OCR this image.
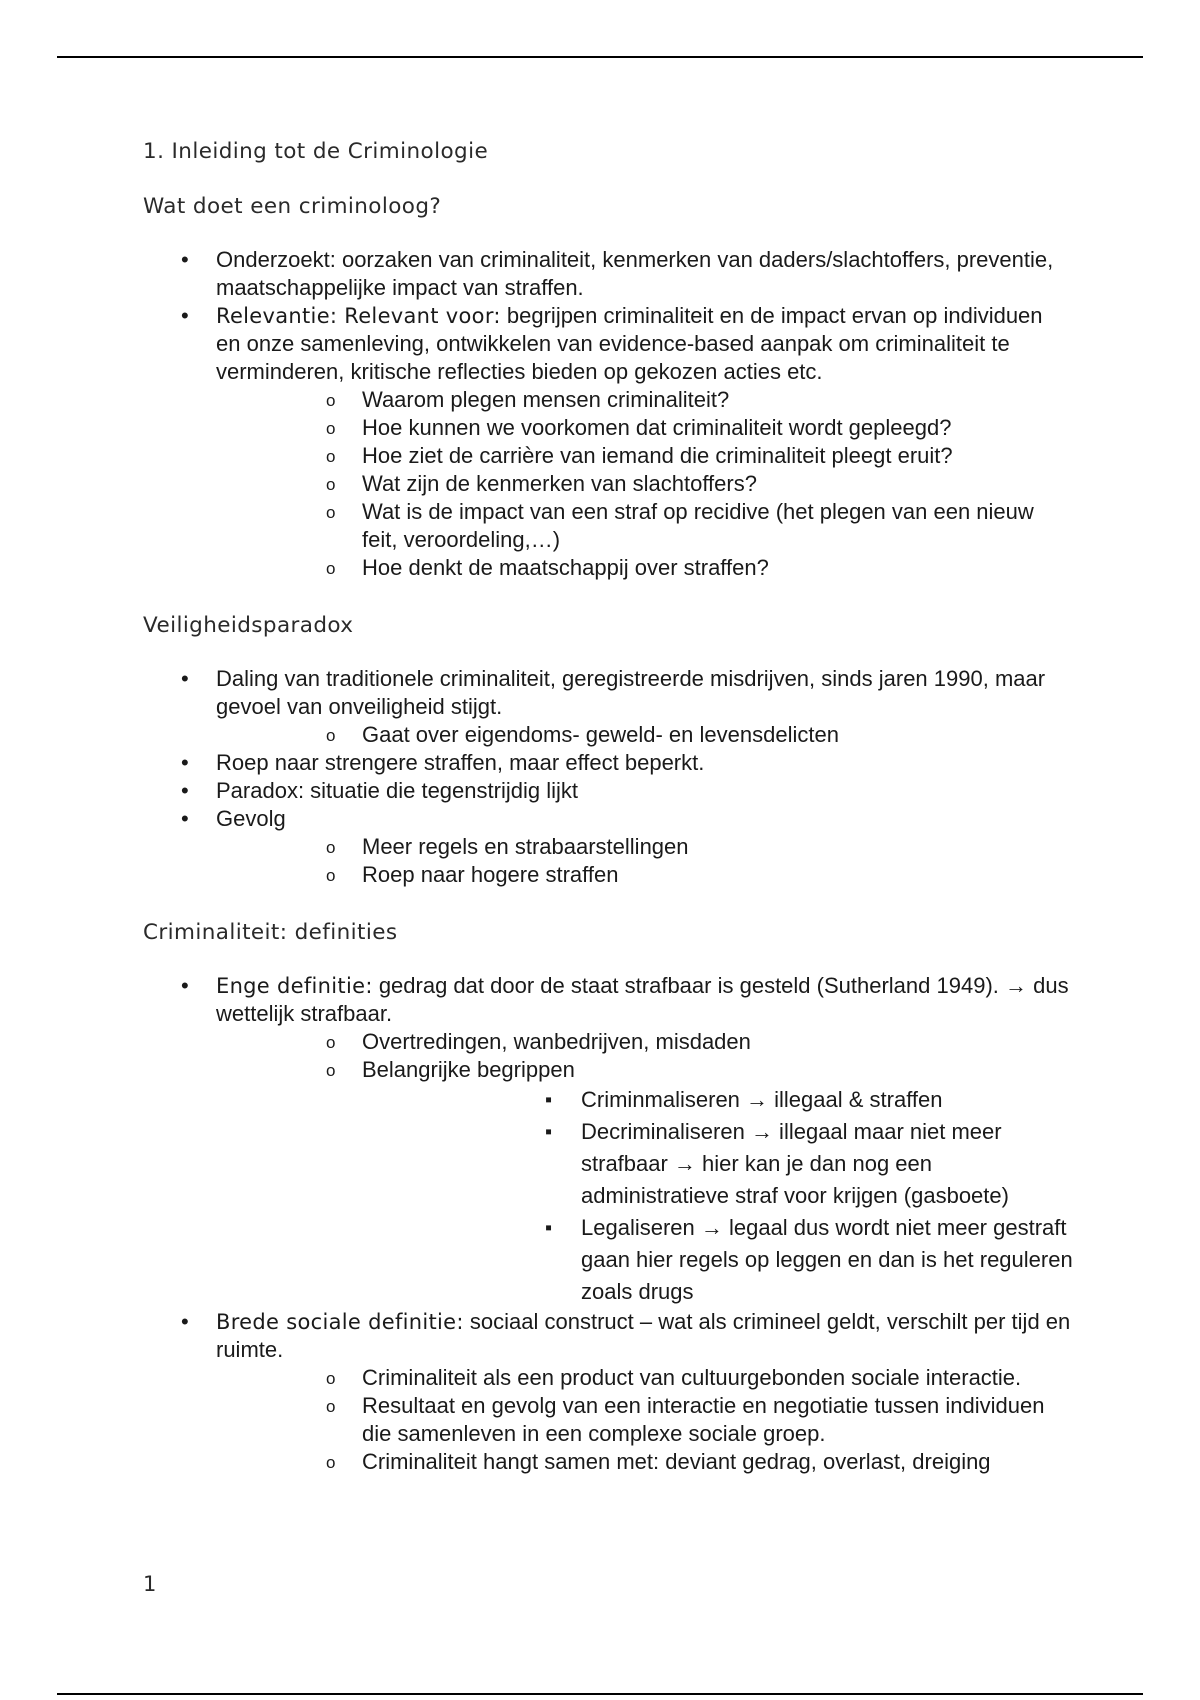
1. Inleiding tot de Criminologie
Wat doet een criminoloog?
• Onderzoekt: oorzaken van criminaliteit, kenmerken van daders/slachtoffers, preventie, maatschappelijke impact van straffen.
• Relevantie: Relevant voor: begrijpen criminaliteit en de impact ervan op individuen en onze samenleving, ontwikkelen van evidence-based aanpak om criminaliteit te verminderen, kritische reflecties bieden op gekozen acties etc.
o Waarom plegen mensen criminaliteit?
o Hoe kunnen we voorkomen dat criminaliteit wordt gepleegd?
o Hoe ziet de carrière van iemand die criminaliteit pleegt eruit?
o Wat zijn de kenmerken van slachtoffers?
o Wat is de impact van een straf op recidive (het plegen van een nieuw feit, veroordeling,…)
o Hoe denkt de maatschappij over straffen?
Veiligheidsparadox
• Daling van traditionele criminaliteit, geregistreerde misdrijven, sinds jaren 1990, maar gevoel van onveiligheid stijgt.
o Gaat over eigendoms- geweld- en levensdelicten
• Roep naar strengere straffen, maar effect beperkt.
• Paradox: situatie die tegenstrijdig lijkt
• Gevolg
o Meer regels en strabaarstellingen
o Roep naar hogere straffen
Criminaliteit: definities
• Enge definitie: gedrag dat door de staat strafbaar is gesteld (Sutherland 1949). → dus wettelijk strafbaar.
o Overtredingen, wanbedrijven, misdaden
o Belangrijke begrippen
▪ Criminmaliseren → illegaal & straffen
▪ Decriminaliseren → illegaal maar niet meer strafbaar → hier kan je dan nog een administratieve straf voor krijgen (gasboete)
▪ Legaliseren → legaal dus wordt niet meer gestraft gaan hier regels op leggen en dan is het reguleren zoals drugs
• Brede sociale definitie: sociaal construct – wat als crimineel geldt, verschilt per tijd en ruimte.
o Criminaliteit als een product van cultuurgebonden sociale interactie.
o Resultaat en gevolg van een interactie en negotiatie tussen individuen die samenleven in een complexe sociale groep.
o Criminaliteit hangt samen met: deviant gedrag, overlast, dreiging
1
